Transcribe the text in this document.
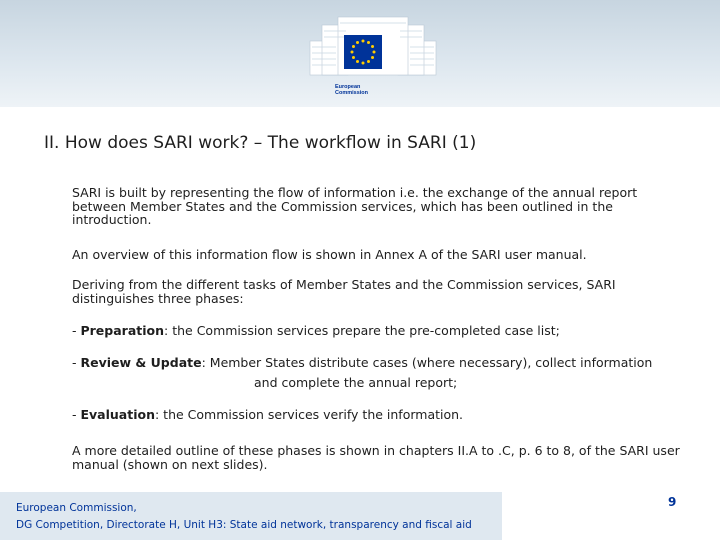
European
Commission
II. How does SARI work? – The workflow in SARI (1)
SARI is built by representing the flow of information i.e. the exchange of the annual report between Member States and the Commission services, which has been outlined in the introduction.
An overview of this information flow is shown in Annex A of the SARI user manual.
Deriving from the different tasks of Member States and the Commission services, SARI distinguishes three phases:
- Preparation: the Commission services prepare the pre-completed case list;
- Review & Update: Member States distribute cases (where necessary), collect information
and complete the annual report;
- Evaluation: the Commission services verify the information.
A more detailed outline of these phases is shown in chapters II.A to .C, p. 6 to 8, of the SARI user manual (shown on next slides).
European Commission,
DG Competition, Directorate H, Unit H3: State aid network, transparency and fiscal aid
9
